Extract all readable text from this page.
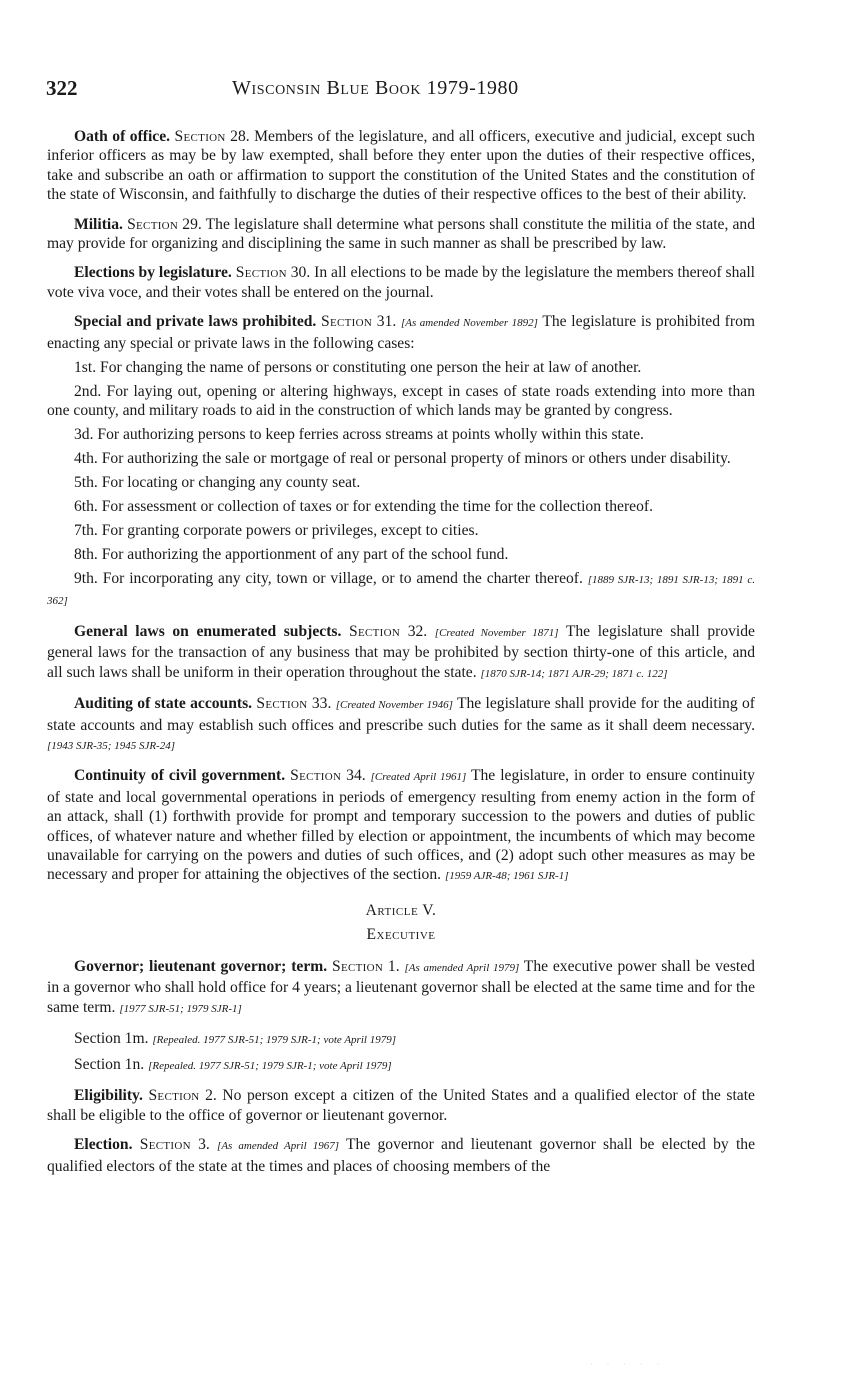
322	Wisconsin Blue Book 1979-1980

Oath of office. Section 28. Members of the legislature, and all officers, executive and judicial, except such inferior officers as may be by law exempted, shall before they enter upon the duties of their respective offices, take and subscribe an oath or affirmation to support the constitution of the United States and the constitution of the state of Wisconsin, and faithfully to discharge the duties of their respective offices to the best of their ability.

Militia. Section 29. The legislature shall determine what persons shall constitute the militia of the state, and may provide for organizing and disciplining the same in such manner as shall be prescribed by law.

Elections by legislature. Section 30. In all elections to be made by the legislature the members thereof shall vote viva voce, and their votes shall be entered on the journal.

Special and private laws prohibited. Section 31. [As amended November 1892] The legislature is prohibited from enacting any special or private laws in the following cases:

1st. For changing the name of persons or constituting one person the heir at law of another.

2nd. For laying out, opening or altering highways, except in cases of state roads extending into more than one county, and military roads to aid in the construction of which lands may be granted by congress.

3d. For authorizing persons to keep ferries across streams at points wholly within this state.

4th. For authorizing the sale or mortgage of real or personal property of minors or others under disability.

5th. For locating or changing any county seat.

6th. For assessment or collection of taxes or for extending the time for the collection thereof.

7th. For granting corporate powers or privileges, except to cities.

8th. For authorizing the apportionment of any part of the school fund.

9th. For incorporating any city, town or village, or to amend the charter thereof. [1889 SJR-13; 1891 SJR-13; 1891 c. 362]

General laws on enumerated subjects. Section 32. [Created November 1871] The legislature shall provide general laws for the transaction of any business that may be prohibited by section thirty-one of this article, and all such laws shall be uniform in their operation throughout the state. [1870 SJR-14; 1871 AJR-29; 1871 c. 122]

Auditing of state accounts. Section 33. [Created November 1946] The legislature shall provide for the auditing of state accounts and may establish such offices and prescribe such duties for the same as it shall deem necessary. [1943 SJR-35; 1945 SJR-24]

Continuity of civil government. Section 34. [Created April 1961] The legislature, in order to ensure continuity of state and local governmental operations in periods of emergency resulting from enemy action in the form of an attack, shall (1) forthwith provide for prompt and temporary succession to the powers and duties of public offices, of whatever nature and whether filled by election or appointment, the incumbents of which may become unavailable for carrying on the powers and duties of such offices, and (2) adopt such other measures as may be necessary and proper for attaining the objectives of the section. [1959 AJR-48; 1961 SJR-1]

Article V.
Executive

Governor; lieutenant governor; term. Section 1. [As amended April 1979] The executive power shall be vested in a governor who shall hold office for 4 years; a lieutenant governor shall be elected at the same time and for the same term. [1977 SJR-51; 1979 SJR-1]

Section 1m. [Repealed. 1977 SJR-51; 1979 SJR-1; vote April 1979]

Section 1n. [Repealed. 1977 SJR-51; 1979 SJR-1; vote April 1979]

Eligibility. Section 2. No person except a citizen of the United States and a qualified elector of the state shall be eligible to the office of governor or lieutenant governor.

Election. Section 3. [As amended April 1967] The governor and lieutenant governor shall be elected by the qualified electors of the state at the times and places of choosing members of the

· · · · ·
